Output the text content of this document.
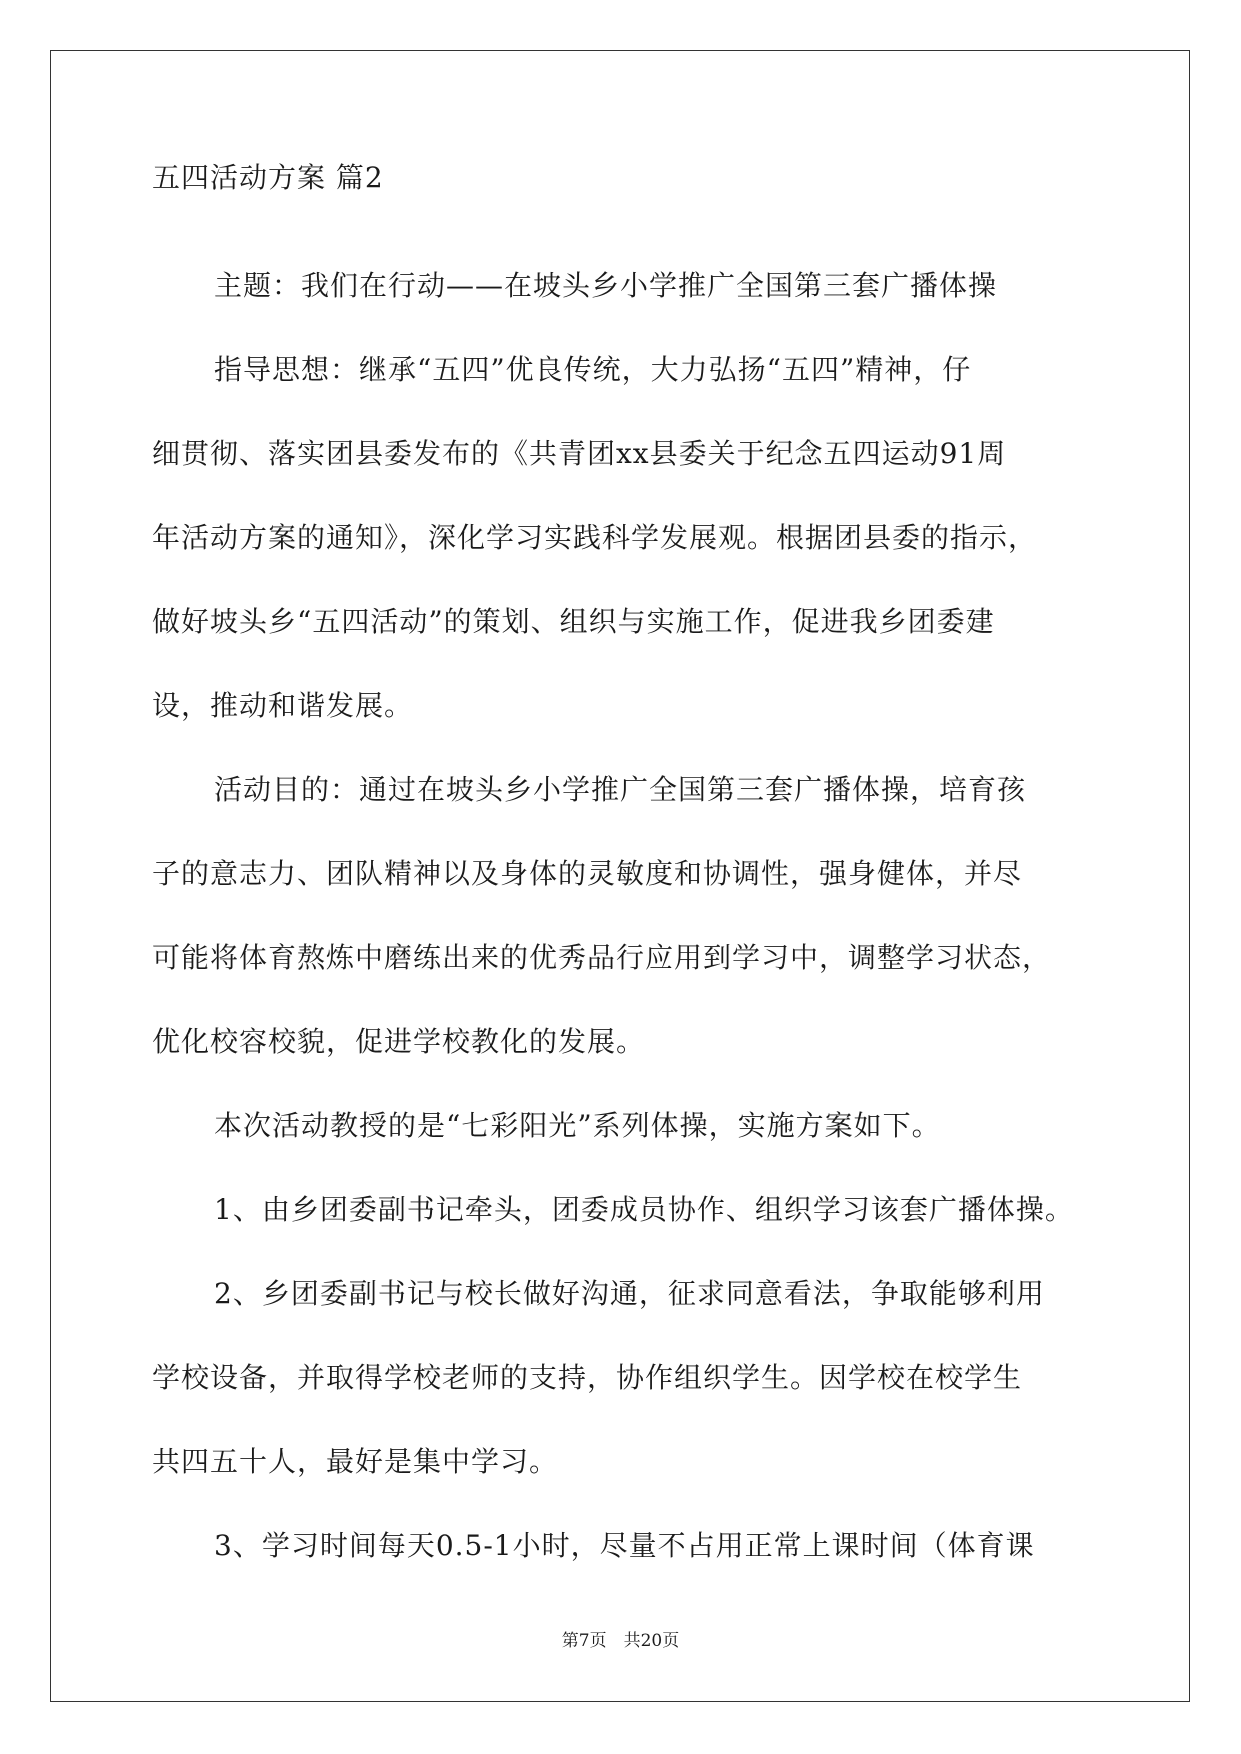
五四活动方案 篇2
主题：我们在行动——在坡头乡小学推广全国第三套广播体操
指导思想：继承“五四”优良传统，大力弘扬“五四”精神，仔
细贯彻、落实团县委发布的《共青团xx县委关于纪念五四运动91周
年活动方案的通知》，深化学习实践科学发展观。根据团县委的指示，
做好坡头乡“五四活动”的策划、组织与实施工作，促进我乡团委建
设，推动和谐发展。
活动目的：通过在坡头乡小学推广全国第三套广播体操，培育孩
子的意志力、团队精神以及身体的灵敏度和协调性，强身健体，并尽
可能将体育熬炼中磨练出来的优秀品行应用到学习中，调整学习状态，
优化校容校貌，促进学校教化的发展。
本次活动教授的是“七彩阳光”系列体操，实施方案如下。
1、由乡团委副书记牵头，团委成员协作、组织学习该套广播体操。
2、乡团委副书记与校长做好沟通，征求同意看法，争取能够利用
学校设备，并取得学校老师的支持，协作组织学生。因学校在校学生
共四五十人，最好是集中学习。
3、学习时间每天0.5-1小时，尽量不占用正常上课时间（体育课
第7页　共20页
